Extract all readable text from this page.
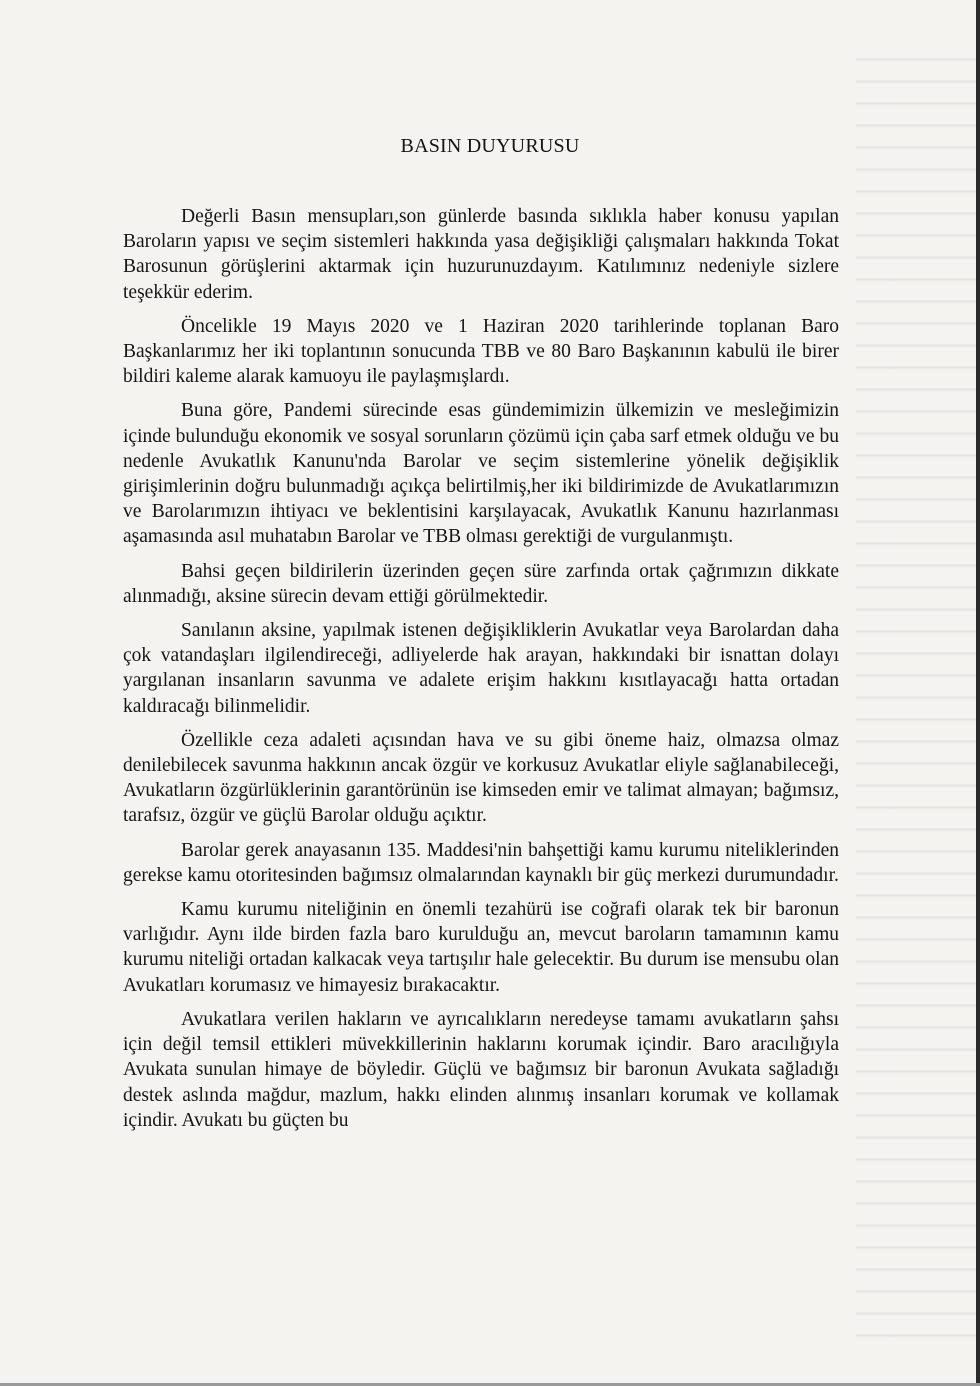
BASIN DUYURUSU

Değerli Basın mensupları,son günlerde basında sıklıkla haber konusu yapılan Baroların yapısı ve seçim sistemleri hakkında yasa değişikliği çalışmaları hakkında Tokat Barosunun görüşlerini aktarmak için huzurunuzdayım. Katılımınız nedeniyle sizlere teşekkür ederim.

Öncelikle 19 Mayıs 2020 ve 1 Haziran 2020 tarihlerinde toplanan Baro Başkanlarımız her iki toplantının sonucunda TBB ve 80 Baro Başkanının kabulü ile birer bildiri kaleme alarak kamuoyu ile paylaşmışlardı.

Buna göre, Pandemi sürecinde esas gündemimizin ülkemizin ve mesleğimizin içinde bulunduğu ekonomik ve sosyal sorunların çözümü için çaba sarf etmek olduğu ve bu nedenle Avukatlık Kanunu'nda Barolar ve seçim sistemlerine yönelik değişiklik girişimlerinin doğru bulunmadığı açıkça belirtilmiş,her iki bildirimizde de Avukatlarımızın ve Barolarımızın ihtiyacı ve beklentisini karşılayacak, Avukatlık Kanunu hazırlanması aşamasında asıl muhatabın Barolar ve TBB olması gerektiği de vurgulanmıştı.

Bahsi geçen bildirilerin üzerinden geçen süre zarfında ortak çağrımızın dikkate alınmadığı, aksine sürecin devam ettiği görülmektedir.

Sanılanın aksine, yapılmak istenen değişikliklerin Avukatlar veya Barolardan daha çok vatandaşları ilgilendireceği, adliyelerde hak arayan, hakkındaki bir isnattan dolayı yargılanan insanların savunma ve adalete erişim hakkını kısıtlayacağı hatta ortadan kaldıracağı bilinmelidir.

Özellikle ceza adaleti açısından hava ve su gibi öneme haiz, olmazsa olmaz denilebilecek savunma hakkının ancak özgür ve korkusuz Avukatlar eliyle sağlanabileceği, Avukatların özgürlüklerinin garantörünün ise kimseden emir ve talimat almayan; bağımsız, tarafsız, özgür ve güçlü Barolar olduğu açıktır.

Barolar gerek anayasanın 135. Maddesi'nin bahşettiği kamu kurumu niteliklerinden gerekse kamu otoritesinden bağımsız olmalarından kaynaklı bir güç merkezi durumundadır.

Kamu kurumu niteliğinin en önemli tezahürü ise coğrafi olarak tek bir baronun varlığıdır. Aynı ilde birden fazla baro kurulduğu an, mevcut baroların tamamının kamu kurumu niteliği ortadan kalkacak veya tartışılır hale gelecektir. Bu durum ise mensubu olan Avukatları korumasız ve himayesiz bırakacaktır.

Avukatlara verilen hakların ve ayrıcalıkların neredeyse tamamı avukatların şahsı için değil temsil ettikleri müvekkillerinin haklarını korumak içindir. Baro aracılığıyla Avukata sunulan himaye de böyledir. Güçlü ve bağımsız bir baronun Avukata sağladığı destek aslında mağdur, mazlum, hakkı elinden alınmış insanları korumak ve kollamak içindir. Avukatı bu güçten bu
